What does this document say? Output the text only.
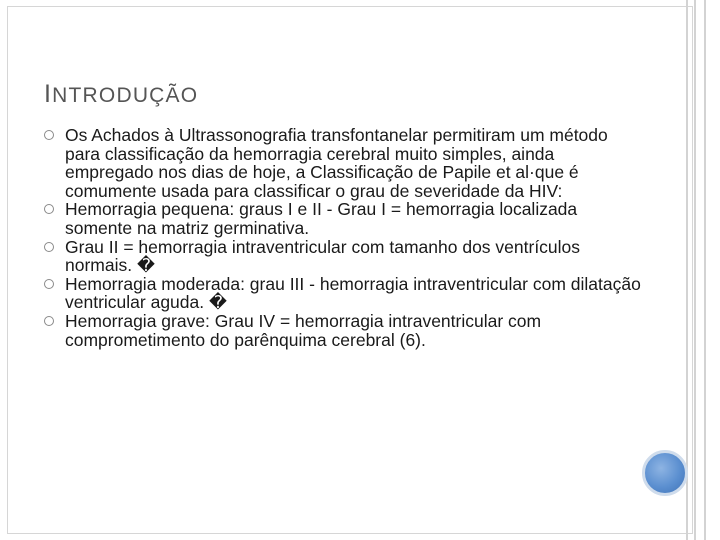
INTRODUÇÃO
Os Achados à Ultrassonografia transfontanelar permitiram um método para classificação da hemorragia cerebral muito simples, ainda empregado nos dias de hoje, a Classificação de Papile et al·que é comumente usada para classificar o grau de severidade da HIV:
Hemorragia pequena: graus I e II - Grau I = hemorragia localizada somente na matriz germinativa.
Grau II = hemorragia intraventricular com tamanho dos ventrículos normais. �
Hemorragia moderada: grau III - hemorragia intraventricular com dilatação ventricular aguda. �
Hemorragia grave: Grau IV = hemorragia intraventricular com comprometimento do parênquima cerebral (6).
